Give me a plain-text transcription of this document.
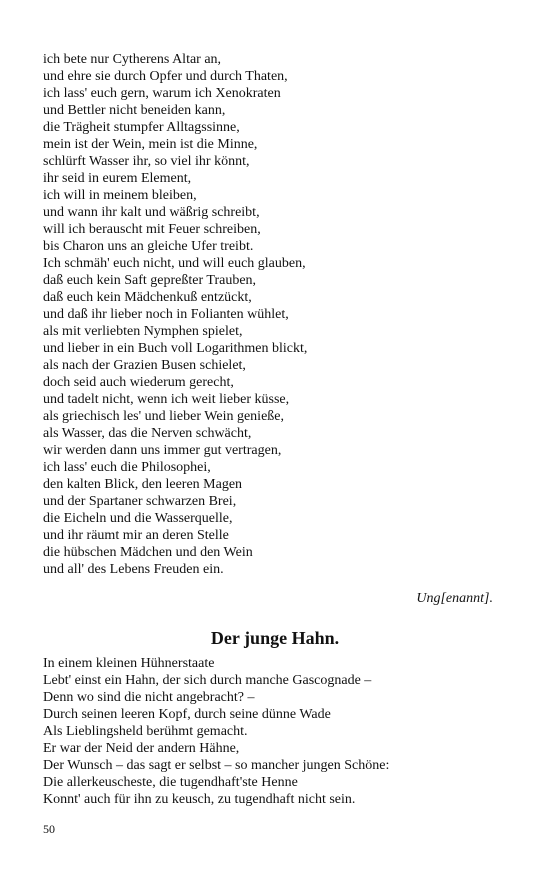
ich bete nur Cytherens Altar an,
und ehre sie durch Opfer und durch Thaten,
ich lass' euch gern, warum ich Xenokraten
und Bettler nicht beneiden kann,
die Trägheit stumpfer Alltagssinne,
mein ist der Wein, mein ist die Minne,
schlürft Wasser ihr, so viel ihr könnt,
ihr seid in eurem Element,
ich will in meinem bleiben,
und wann ihr kalt und wäßrig schreibt,
will ich berauscht mit Feuer schreiben,
bis Charon uns an gleiche Ufer treibt.
Ich schmäh' euch nicht, und will euch glauben,
daß euch kein Saft gepreßter Trauben,
daß euch kein Mädchenkuß entzückt,
und daß ihr lieber noch in Folianten wühlet,
als mit verliebten Nymphen spielet,
und lieber in ein Buch voll Logarithmen blickt,
als nach der Grazien Busen schielet,
doch seid auch wiederum gerecht,
und tadelt nicht, wenn ich weit lieber küsse,
als griechisch les' und lieber Wein genieße,
als Wasser, das die Nerven schwächt,
wir werden dann uns immer gut vertragen,
ich lass' euch die Philosophei,
den kalten Blick, den leeren Magen
und der Spartaner schwarzen Brei,
die Eicheln und die Wasserquelle,
und ihr räumt mir an deren Stelle
die hübschen Mädchen und den Wein
und all' des Lebens Freuden ein.
Ung[enannt].
Der junge Hahn.
In einem kleinen Hühnerstaate
Lebt' einst ein Hahn, der sich durch manche Gascognade –
Denn wo sind die nicht angebracht? –
Durch seinen leeren Kopf, durch seine dünne Wade
Als Lieblingsheld berühmt gemacht.
Er war der Neid der andern Hähne,
Der Wunsch – das sagt er selbst – so mancher jungen Schöne:
Die allerkeuscheste, die tugendhaft'ste Henne
Konnt' auch für ihn zu keusch, zu tugendhaft nicht sein.
50
